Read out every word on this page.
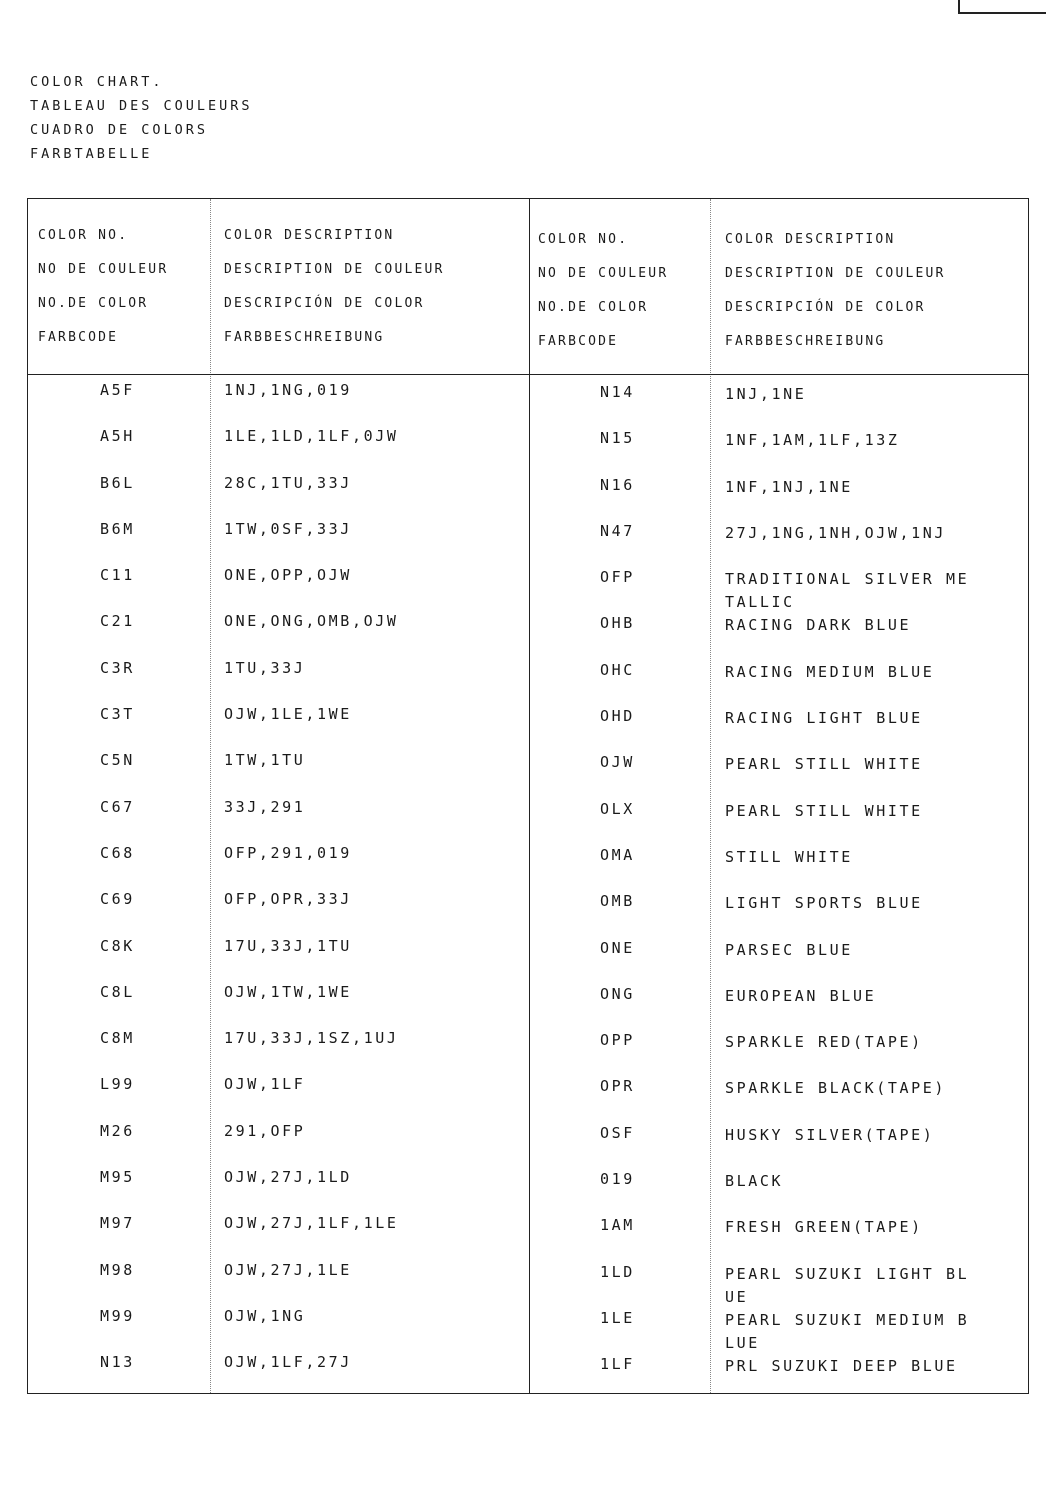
COLOR CHART.
TABLEAU DES COULEURS
CUADRO DE COLORS
FARBTABELLE
COLOR NO.
NO DE COULEUR
NO.DE COLOR
FARBCODE
COLOR DESCRIPTION
DESCRIPTION DE COULEUR
DESCRIPCIÓN DE COLOR
FARBBESCHREIBUNG
COLOR NO.
NO DE COULEUR
NO.DE COLOR
FARBCODE
COLOR DESCRIPTION
DESCRIPTION DE COULEUR
DESCRIPCIÓN DE COLOR
FARBBESCHREIBUNG
A5F	1NJ,1NG,019	N14	1NJ,1NE
A5H	1LE,1LD,1LF,0JW	N15	1NF,1AM,1LF,13Z
B6L	28C,1TU,33J	N16	1NF,1NJ,1NE
B6M	1TW,0SF,33J	N47	27J,1NG,1NH,OJW,1NJ
C11	ONE,OPP,OJW	OFP	TRADITIONAL SILVER ME
TALLIC
C21	ONE,ONG,OMB,OJW	OHB	RACING DARK BLUE
C3R	1TU,33J	OHC	RACING MEDIUM BLUE
C3T	OJW,1LE,1WE	OHD	RACING LIGHT BLUE
C5N	1TW,1TU	OJW	PEARL STILL WHITE
C67	33J,291	OLX	PEARL STILL WHITE
C68	OFP,291,019	OMA	STILL WHITE
C69	OFP,OPR,33J	OMB	LIGHT SPORTS BLUE
C8K	17U,33J,1TU	ONE	PARSEC BLUE
C8L	OJW,1TW,1WE	ONG	EUROPEAN BLUE
C8M	17U,33J,1SZ,1UJ	OPP	SPARKLE RED(TAPE)
L99	OJW,1LF	OPR	SPARKLE BLACK(TAPE)
M26	291,OFP	OSF	HUSKY SILVER(TAPE)
M95	OJW,27J,1LD	019	BLACK
M97	OJW,27J,1LF,1LE	1AM	FRESH GREEN(TAPE)
M98	OJW,27J,1LE	1LD	PEARL SUZUKI LIGHT BL
UE
M99	OJW,1NG	1LE	PEARL SUZUKI MEDIUM B
LUE
N13	OJW,1LF,27J	1LF	PRL SUZUKI DEEP BLUE
